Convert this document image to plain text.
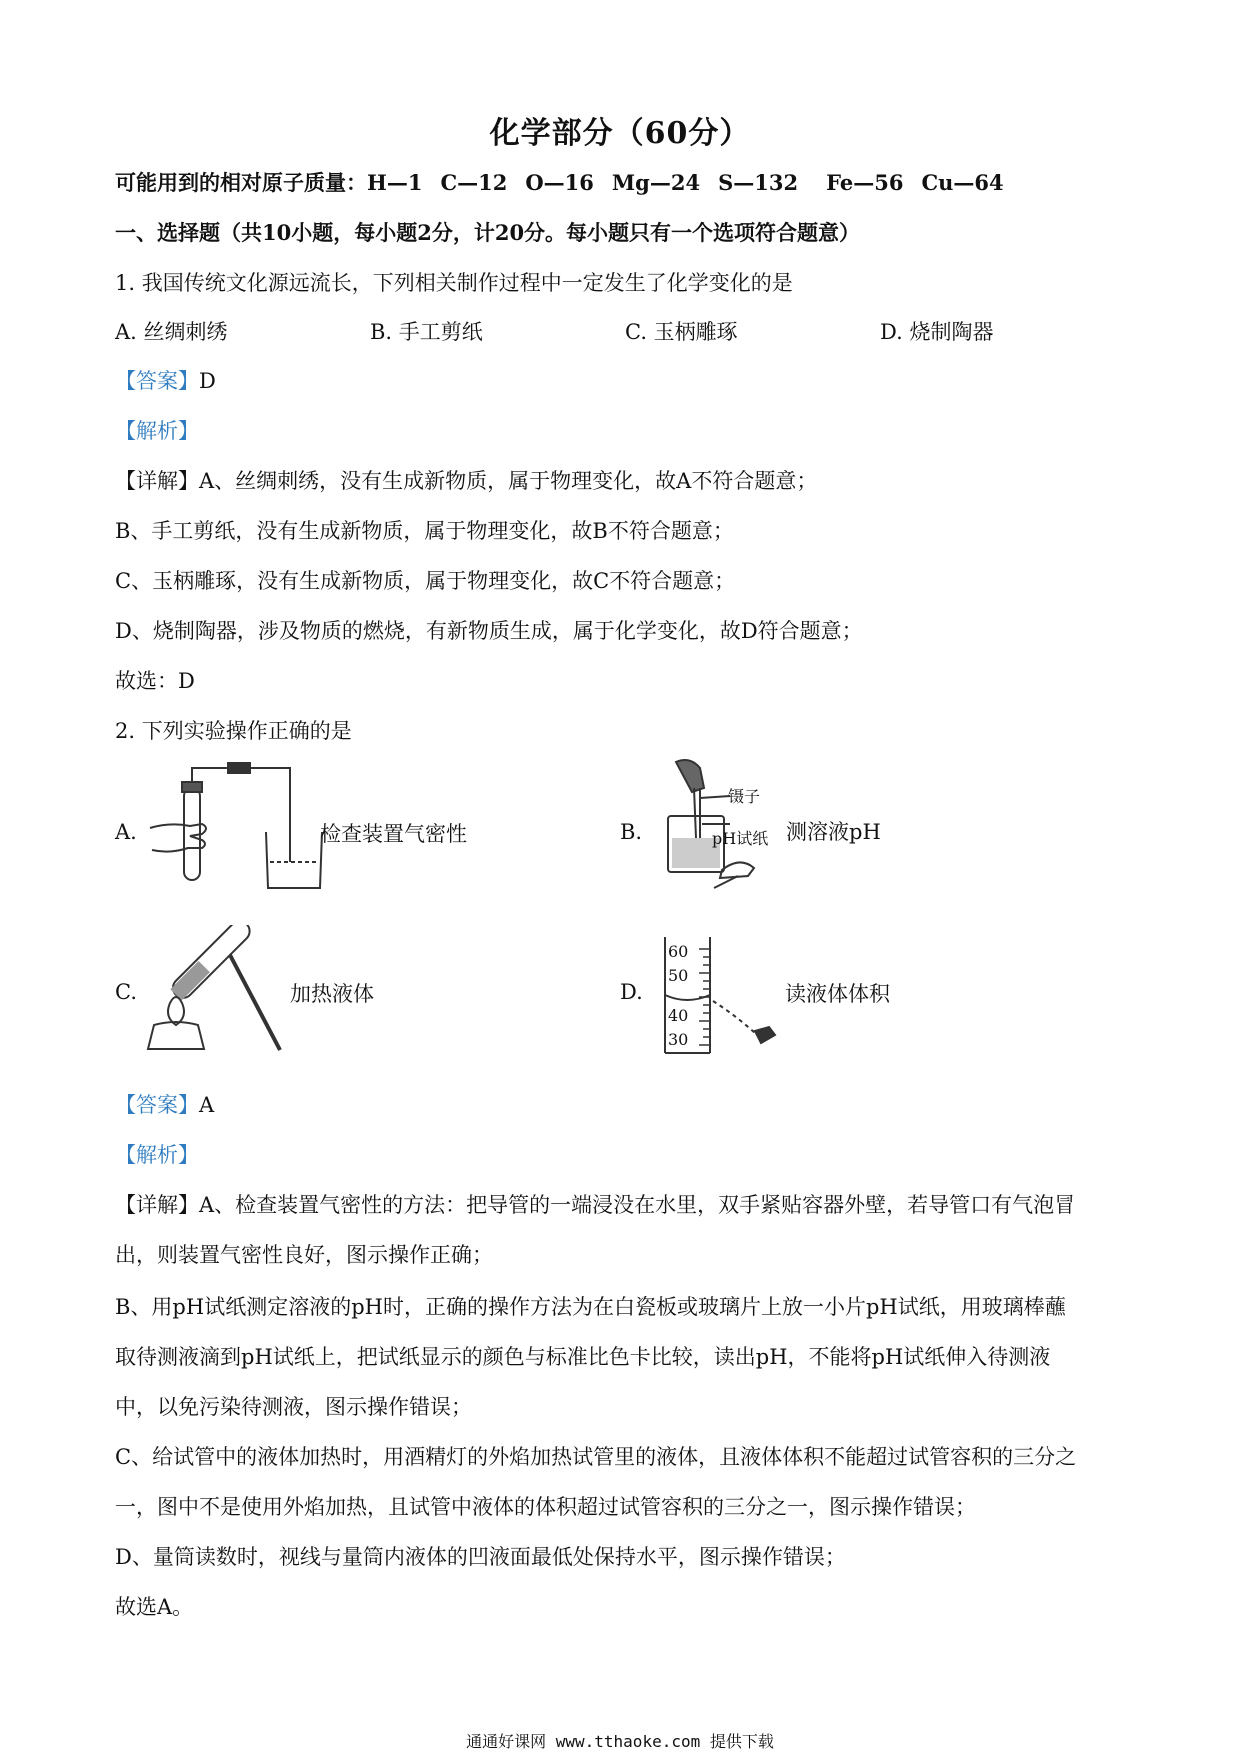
化学部分（60分）
可能用到的相对原子质量：H—1 C—12 O—16 Mg—24 S—132 Fe—56 Cu—64
一、选择题（共10小题，每小题2分，计20分。每小题只有一个选项符合题意）
1. 我国传统文化源远流长，下列相关制作过程中一定发生了化学变化的是
A. 丝绸刺绣	B. 手工剪纸	C. 玉柄雕琢	D. 烧制陶器
【答案】D
【解析】
【详解】A、丝绸刺绣，没有生成新物质，属于物理变化，故A不符合题意；
B、手工剪纸，没有生成新物质，属于物理变化，故B不符合题意；
C、玉柄雕琢，没有生成新物质，属于物理变化，故C不符合题意；
D、烧制陶器，涉及物质的燃烧，有新物质生成，属于化学变化，故D符合题意；
故选：D
2. 下列实验操作正确的是
A.	检查装置气密性	B.
镊子
pH试纸 测溶液pH
C.	加热液体	D.
60
50
40
30
读液体体积
【答案】A
【解析】
【详解】A、检查装置气密性的方法：把导管的一端浸没在水里，双手紧贴容器外壁，若导管口有气泡冒
出，则装置气密性良好，图示操作正确；
B、用pH试纸测定溶液的pH时，正确的操作方法为在白瓷板或玻璃片上放一小片pH试纸，用玻璃棒蘸
取待测液滴到pH试纸上，把试纸显示的颜色与标准比色卡比较，读出pH，不能将pH试纸伸入待测液
中，以免污染待测液，图示操作错误；
C、给试管中的液体加热时，用酒精灯的外焰加热试管里的液体，且液体体积不能超过试管容积的三分之
一，图中不是使用外焰加热，且试管中液体的体积超过试管容积的三分之一，图示操作错误；
D、量筒读数时，视线与量筒内液体的凹液面最低处保持水平，图示操作错误；
故选A。
通通好课网 www.tthaoke.com 提供下载
